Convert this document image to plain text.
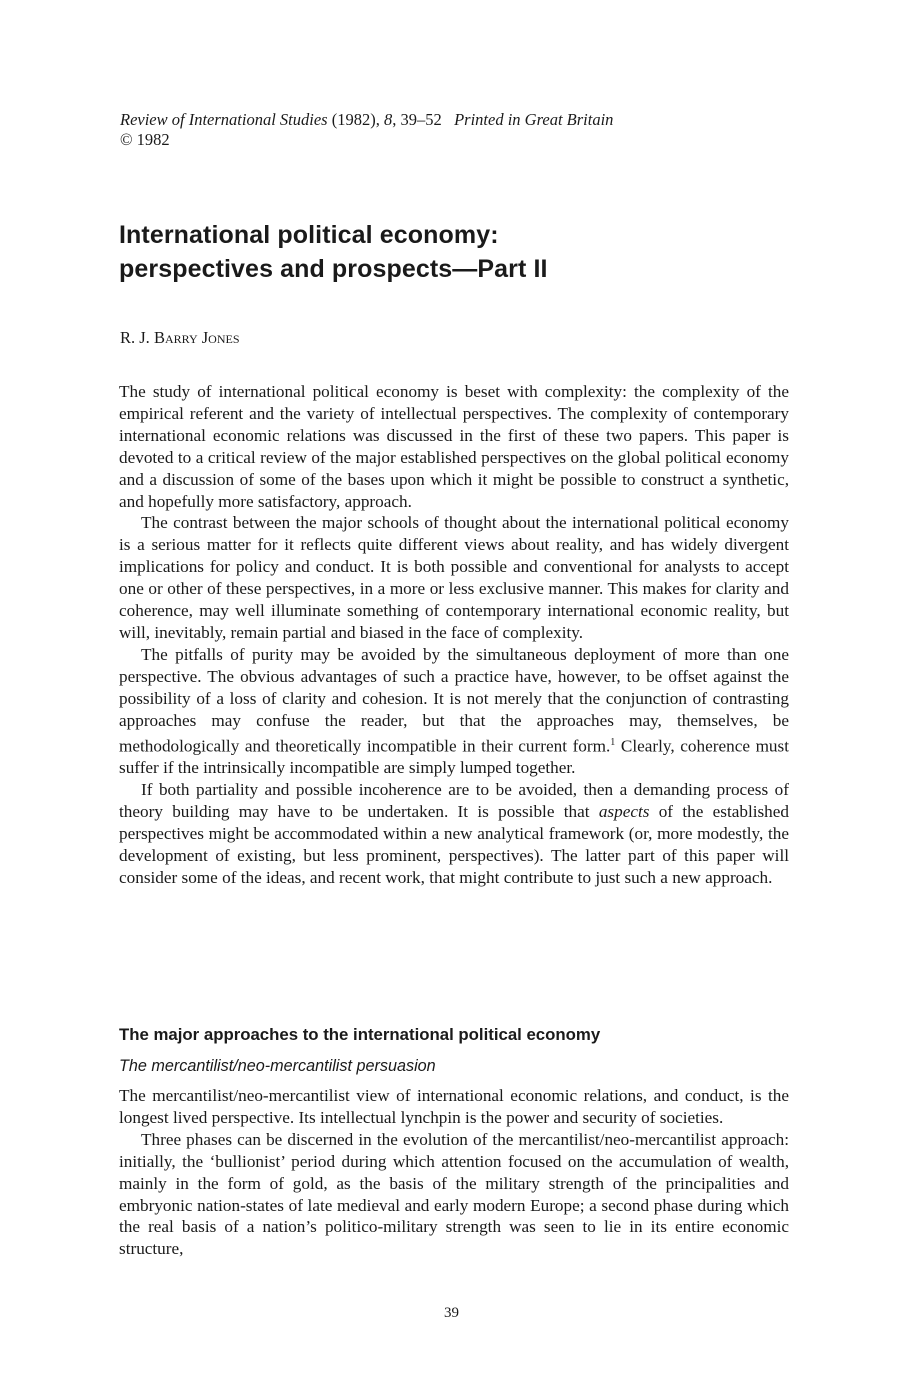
Review of International Studies (1982), 8, 39–52 Printed in Great Britain
© 1982
International political economy:
perspectives and prospects—Part II
R. J. Barry Jones

The study of international political economy is beset with complexity: the complexity of the empirical referent and the variety of intellectual perspectives. The complexity of contemporary international economic relations was discussed in the first of these two papers. This paper is devoted to a critical review of the major established perspectives on the global political economy and a discussion of some of the bases upon which it might be possible to construct a synthetic, and hopefully more satisfactory, approach.

The contrast between the major schools of thought about the international political economy is a serious matter for it reflects quite different views about reality, and has widely divergent implications for policy and conduct. It is both possible and conventional for analysts to accept one or other of these perspectives, in a more or less exclusive manner. This makes for clarity and coherence, may well illuminate something of contemporary international economic reality, but will, inevitably, remain partial and biased in the face of complexity.

The pitfalls of purity may be avoided by the simultaneous deployment of more than one perspective. The obvious advantages of such a practice have, however, to be offset against the possibility of a loss of clarity and cohesion. It is not merely that the conjunction of contrasting approaches may confuse the reader, but that the approaches may, themselves, be methodologically and theoretically incompatible in their current form.$^1$ Clearly, coherence must suffer if the intrinsically incompatible are simply lumped together.

If both partiality and possible incoherence are to be avoided, then a demanding process of theory building may have to be undertaken. It is possible that aspects of the established perspectives might be accommodated within a new analytical framework (or, more modestly, the development of existing, but less prominent, perspectives). The latter part of this paper will consider some of the ideas, and recent work, that might contribute to just such a new approach.

The major approaches to the international political economy
The mercantilist/neo-mercantilist persuasion

The mercantilist/neo-mercantilist view of international economic relations, and conduct, is the longest lived perspective. Its intellectual lynchpin is the power and security of societies.

Three phases can be discerned in the evolution of the mercantilist/neo-mercantilist approach: initially, the ‘bullionist’ period during which attention focused on the accumulation of wealth, mainly in the form of gold, as the basis of the military strength of the principalities and embryonic nation-states of late medieval and early modern Europe; a second phase during which the real basis of a nation’s politico-military strength was seen to lie in its entire economic structure,

39
